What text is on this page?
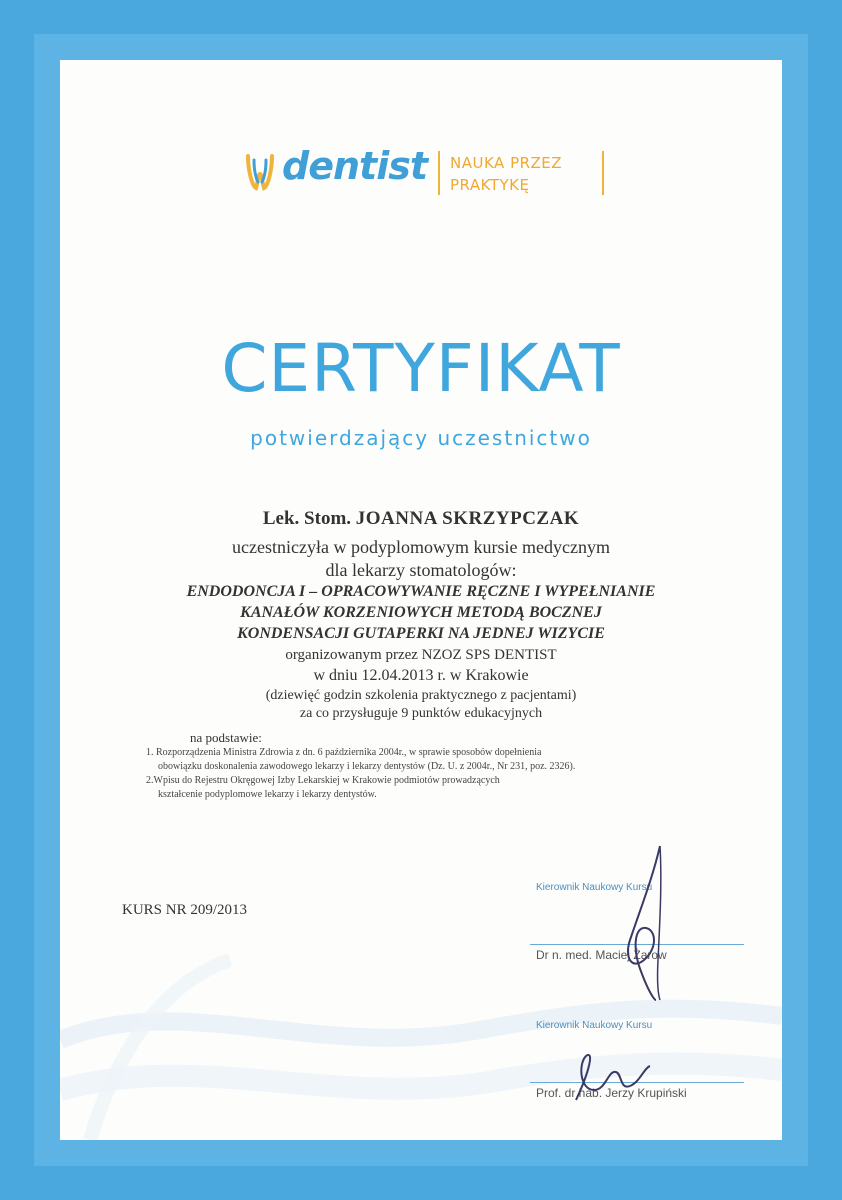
dentist NAUKA PRZEZ
PRAKTYKĘ
CERTYFIKAT
potwierdzający uczestnictwo
Lek. Stom. JOANNA SKRZYPCZAK
uczestniczyła w podyplomowym kursie medycznym
dla lekarzy stomatologów:
ENDODONCJA I – OPRACOWYWANIE RĘCZNE I WYPEŁNIANIE
KANAŁÓW KORZENIOWYCH METODĄ BOCZNEJ
KONDENSACJI GUTAPERKI NA JEDNEJ WIZYCIE
organizowanym przez NZOZ SPS DENTIST
w dniu 12.04.2013 r. w Krakowie
(dziewięć godzin szkolenia praktycznego z pacjentami)
za co przysługuje 9 punktów edukacyjnych
na podstawie:
1. Rozporządzenia Ministra Zdrowia z dn. 6 października 2004r., w sprawie sposobów dopełnienia
obowiązku doskonalenia zawodowego lekarzy i lekarzy dentystów (Dz. U. z 2004r., Nr 231, poz. 2326).
2.Wpisu do Rejestru Okręgowej Izby Lekarskiej w Krakowie podmiotów prowadzących
kształcenie podyplomowe lekarzy i lekarzy dentystów.
KURS NR 209/2013
Kierownik Naukowy Kursu
Dr n. med. Maciej Żarow
Kierownik Naukowy Kursu
Prof. dr hab. Jerzy Krupiński
